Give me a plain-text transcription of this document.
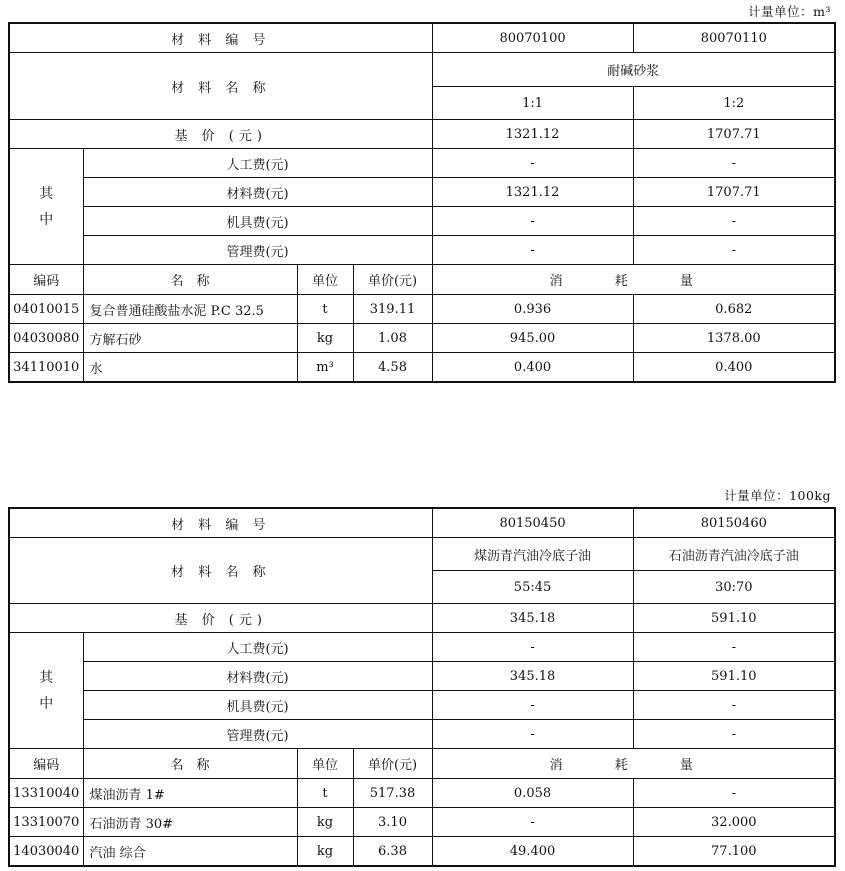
计量单位：m³
材 料 编 号				80070100	80070110
材 料 名 称				耐碱砂浆	
				1:1	1:2
基 价 (元)				1321.12	1707.71

其
中	人工费(元)			-	-
	材料费(元)			1321.12	1707.71
	机具费(元)			-	-
	管理费(元)			-	-
编码	名　称	单位	单价(元)	消 耗 量	
04010015	复合普通硅酸盐水泥 P.C 32.5	t	319.11	0.936	0.682
04030080	方解石砂	kg	1.08	945.00	1378.00
34110010	水	m³	4.58	0.400	0.400
计量单位：100kg
材 料 编 号				80150450	80150460
材 料 名 称				煤沥青汽油冷底子油	石油沥青汽油冷底子油
				55:45	30:70
基 价 (元)				345.18	591.10

其
中	人工费(元)			-	-
	材料费(元)			345.18	591.10
	机具费(元)			-	-
	管理费(元)			-	-
编码	名　称	单位	单价(元)	消 耗 量	
13310040	煤油沥青 1#	t	517.38	0.058	-
13310070	石油沥青 30#	kg	3.10	-	32.000
14030040	汽油 综合	kg	6.38	49.400	77.100
